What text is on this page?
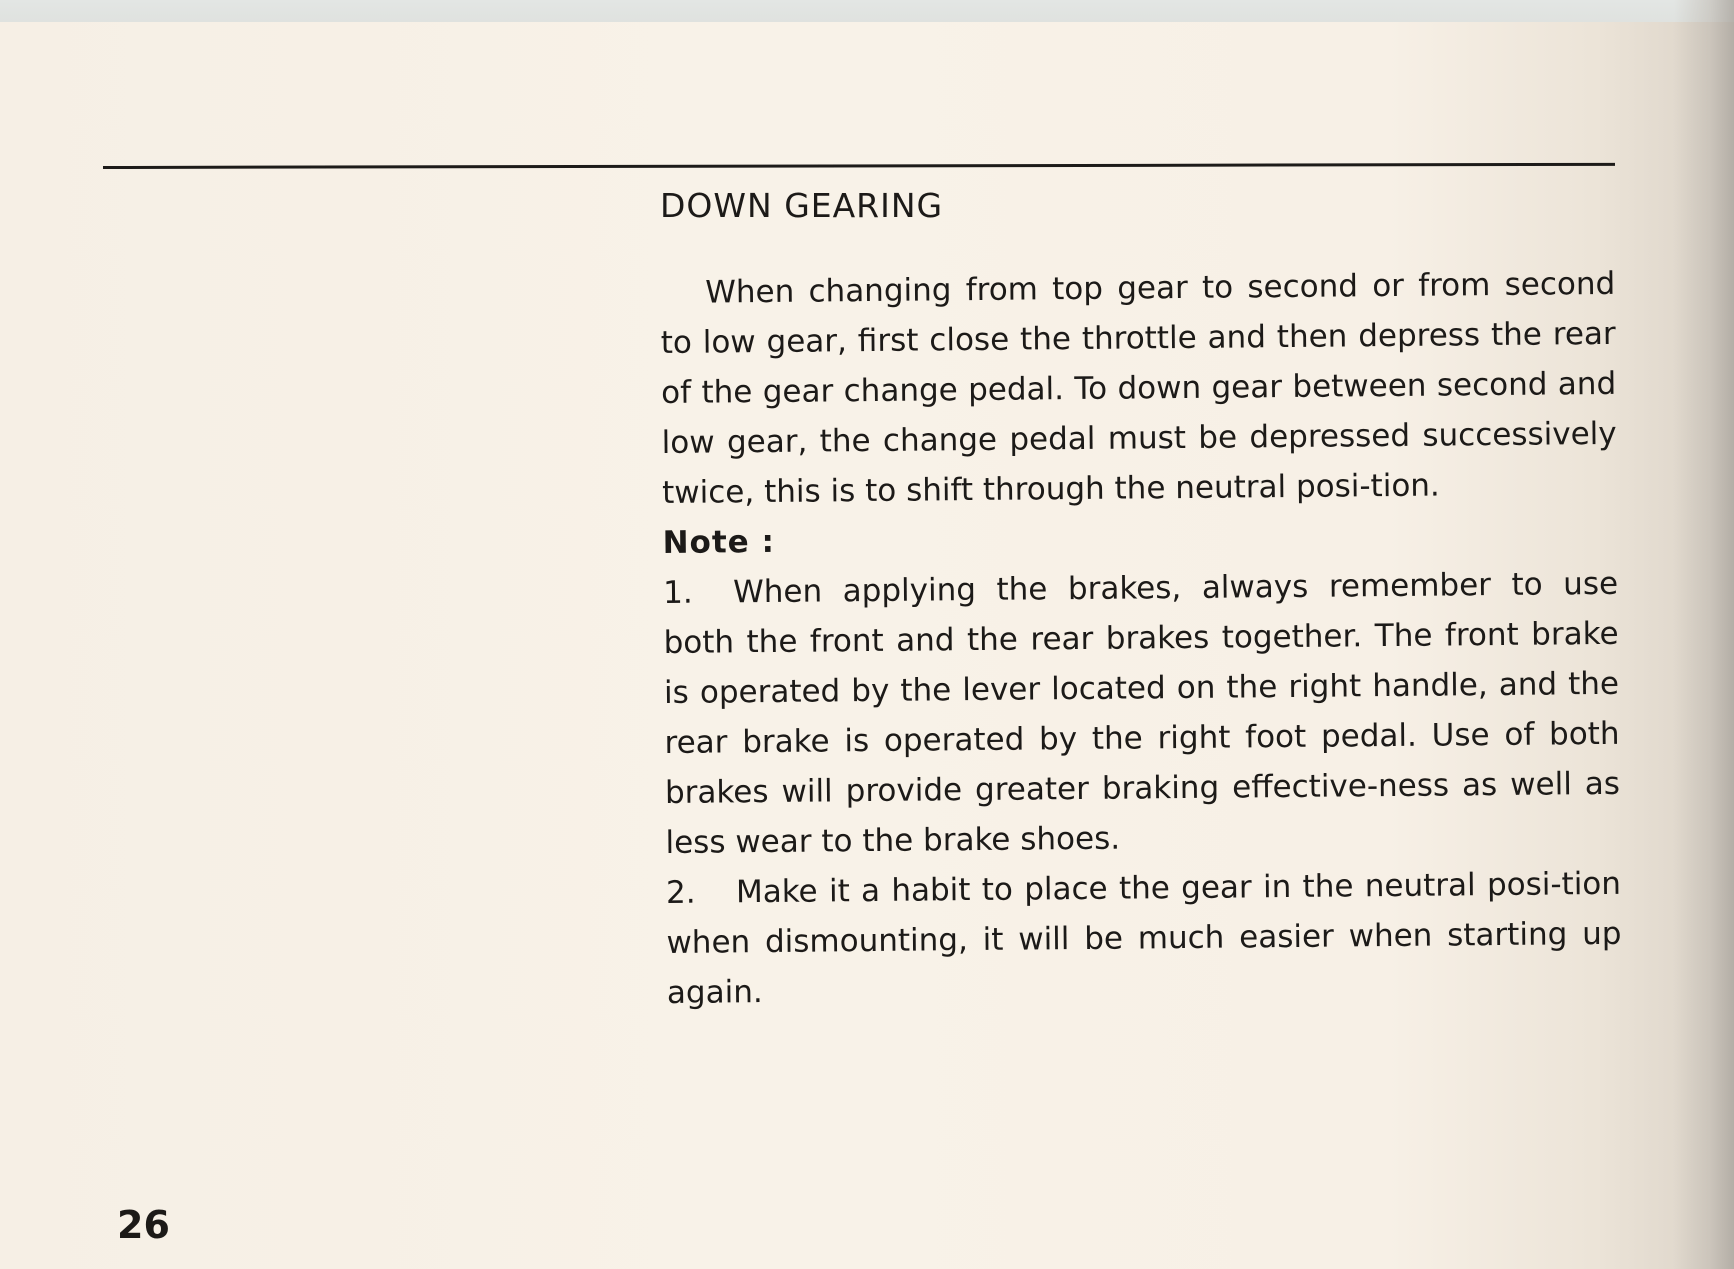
DOWN GEARING

When changing from top gear to second or from second to low gear, first close the throttle and then depress the rear of the gear change pedal. To down gear between second and low gear, the change pedal must be depressed successively twice, this is to shift through the neutral posi-tion.

Note :

1. When applying the brakes, always remember to use both the front and the rear brakes together. The front brake is operated by the lever located on the right handle, and the rear brake is operated by the right foot pedal. Use of both brakes will provide greater braking effective-ness as well as less wear to the brake shoes.

2. Make it a habit to place the gear in the neutral posi-tion when dismounting, it will be much easier when starting up again.

26
